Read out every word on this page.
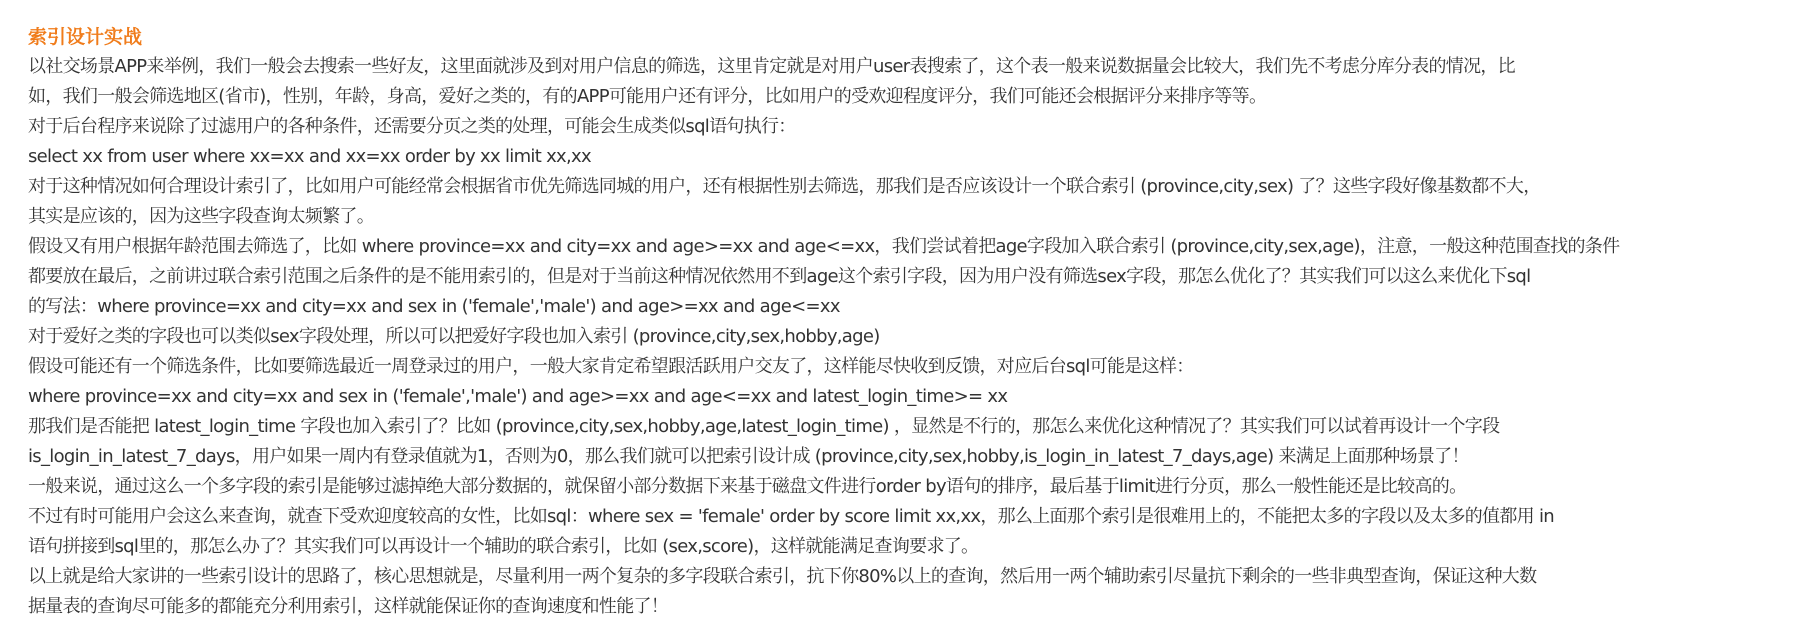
索引设计实战
以社交场景APP来举例，我们一般会去搜索一些好友，这里面就涉及到对用户信息的筛选，这里肯定就是对用户user表搜索了，这个表一般来说数据量会比较大，我们先不考虑分库分表的情况，比
如，我们一般会筛选地区(省市)，性别，年龄，身高，爱好之类的，有的APP可能用户还有评分，比如用户的受欢迎程度评分，我们可能还会根据评分来排序等等。
对于后台程序来说除了过滤用户的各种条件，还需要分页之类的处理，可能会生成类似sql语句执行：
select xx from user where xx=xx and xx=xx order by xx limit xx,xx
对于这种情况如何合理设计索引了，比如用户可能经常会根据省市优先筛选同城的用户，还有根据性别去筛选，那我们是否应该设计一个联合索引 (province,city,sex) 了？这些字段好像基数都不大，
其实是应该的，因为这些字段查询太频繁了。
假设又有用户根据年龄范围去筛选了，比如 where province=xx and city=xx and age>=xx and age<=xx，我们尝试着把age字段加入联合索引 (province,city,sex,age)，注意，一般这种范围查找的条件
都要放在最后，之前讲过联合索引范围之后条件的是不能用索引的，但是对于当前这种情况依然用不到age这个索引字段，因为用户没有筛选sex字段，那怎么优化了？其实我们可以这么来优化下sql
的写法：where province=xx and city=xx and sex in ('female','male') and age>=xx and age<=xx
对于爱好之类的字段也可以类似sex字段处理，所以可以把爱好字段也加入索引 (province,city,sex,hobby,age)
假设可能还有一个筛选条件，比如要筛选最近一周登录过的用户，一般大家肯定希望跟活跃用户交友了，这样能尽快收到反馈，对应后台sql可能是这样：
where province=xx and city=xx and sex in ('female','male') and age>=xx and age<=xx and latest_login_time>= xx
那我们是否能把 latest_login_time 字段也加入索引了？比如 (province,city,sex,hobby,age,latest_login_time) ，显然是不行的，那怎么来优化这种情况了？其实我们可以试着再设计一个字段
is_login_in_latest_7_days，用户如果一周内有登录值就为1，否则为0，那么我们就可以把索引设计成 (province,city,sex,hobby,is_login_in_latest_7_days,age) 来满足上面那种场景了！
一般来说，通过这么一个多字段的索引是能够过滤掉绝大部分数据的，就保留小部分数据下来基于磁盘文件进行order by语句的排序，最后基于limit进行分页，那么一般性能还是比较高的。
不过有时可能用户会这么来查询，就查下受欢迎度较高的女性，比如sql：where sex = 'female' order by score limit xx,xx，那么上面那个索引是很难用上的，不能把太多的字段以及太多的值都用 in
语句拼接到sql里的，那怎么办了？其实我们可以再设计一个辅助的联合索引，比如 (sex,score)，这样就能满足查询要求了。
以上就是给大家讲的一些索引设计的思路了，核心思想就是，尽量利用一两个复杂的多字段联合索引，抗下你80%以上的查询，然后用一两个辅助索引尽量抗下剩余的一些非典型查询，保证这种大数
据量表的查询尽可能多的都能充分利用索引，这样就能保证你的查询速度和性能了！
